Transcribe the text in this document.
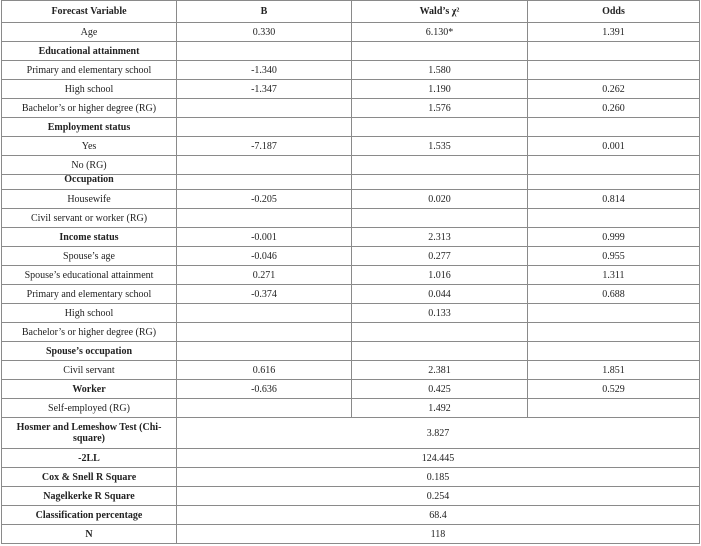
Forecast Variable	B	Wald’s χ²	Odds
Age	0.330	6.130*	1.391
Educational attainment			
Primary and elementary school	-1.340	1.580	
High school	-1.347	1.190	0.262
Bachelor’s or higher degree (RG)		1.576	0.260
Employment status			
Yes	-7.187	1.535	0.001
No (RG)			
Occupation			
Housewife	-0.205	0.020	0.814
Civil servant or worker (RG)			
Income status	-0.001	2.313	0.999
Spouse’s age	-0.046	0.277	0.955
Spouse’s educational attainment	0.271	1.016	1.311
Primary and elementary school	-0.374	0.044	0.688
High school		0.133	
Bachelor’s or higher degree (RG)			
Spouse’s occupation			
Civil servant	0.616	2.381	1.851
Worker	-0.636	0.425	0.529
Self-employed (RG)		1.492	
Hosmer and Lemeshow Test (Chi-square)	3.827		
-2LL	124.445		
Cox & Snell R Square	0.185		
Nagelkerke R Square	0.254		
Classification percentage	68.4		
N	118		
